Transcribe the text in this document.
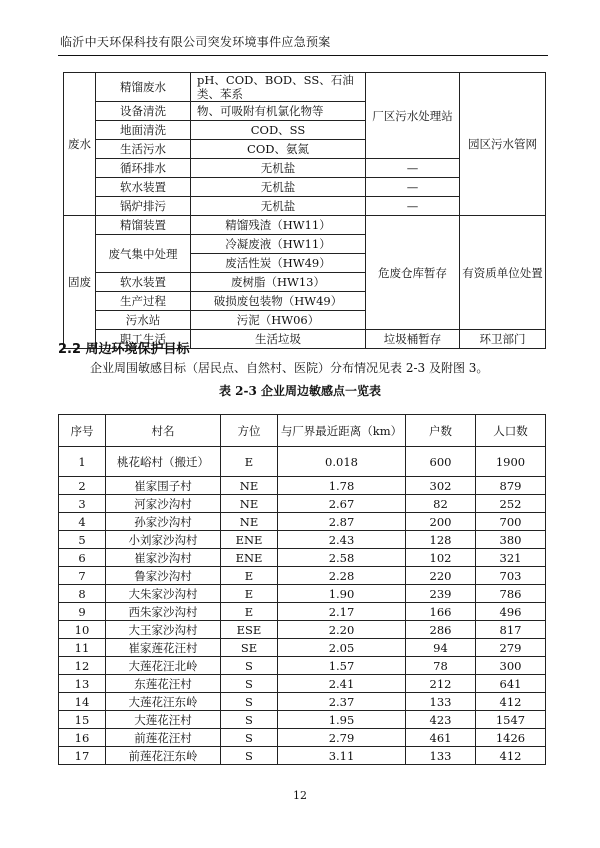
临沂中天环保科技有限公司突发环境事件应急预案
废水	精馏废水	pH、COD、BOD、SS、石油类、苯系	厂区污水处理站	园区污水管网
	设备清洗	物、可吸附有机氯化物等		
	地面清洗	COD、SS		
	生活污水	COD、氨氮		
	循环排水	无机盐	—	
	软水装置	无机盐	—	
	锅炉排污	无机盐	—	
固废	精馏装置	精馏残渣（HW11）	危废仓库暂存	有资质单位处置
	废气集中处理	冷凝废液（HW11）		
		废活性炭（HW49）		
	软水装置	废树脂（HW13）		
	生产过程	破损废包装物（HW49）		
	污水站	污泥（HW06）		
	职工生活	生活垃圾	垃圾桶暂存	环卫部门
2.2 周边环境保护目标
企业周围敏感目标（居民点、自然村、医院）分布情况见表 2-3 及附图 3。
表 2-3 企业周边敏感点一览表
序号	村名	方位	与厂界最近距离（km）	户数	人口数
1	桃花峪村（搬迁）	E	0.018	600	1900
2	崔家围子村	NE	1.78	302	879
3	河家沙沟村	NE	2.67	82	252
4	孙家沙沟村	NE	2.87	200	700
5	小刘家沙沟村	ENE	2.43	128	380
6	崔家沙沟村	ENE	2.58	102	321
7	鲁家沙沟村	E	2.28	220	703
8	大朱家沙沟村	E	1.90	239	786
9	西朱家沙沟村	E	2.17	166	496
10	大王家沙沟村	ESE	2.20	286	817
11	崔家莲花汪村	SE	2.05	94	279
12	大莲花汪北岭	S	1.57	78	300
13	东莲花汪村	S	2.41	212	641
14	大莲花汪东岭	S	2.37	133	412
15	大莲花汪村	S	1.95	423	1547
16	前莲花汪村	S	2.79	461	1426
17	前莲花汪东岭	S	3.11	133	412
12
